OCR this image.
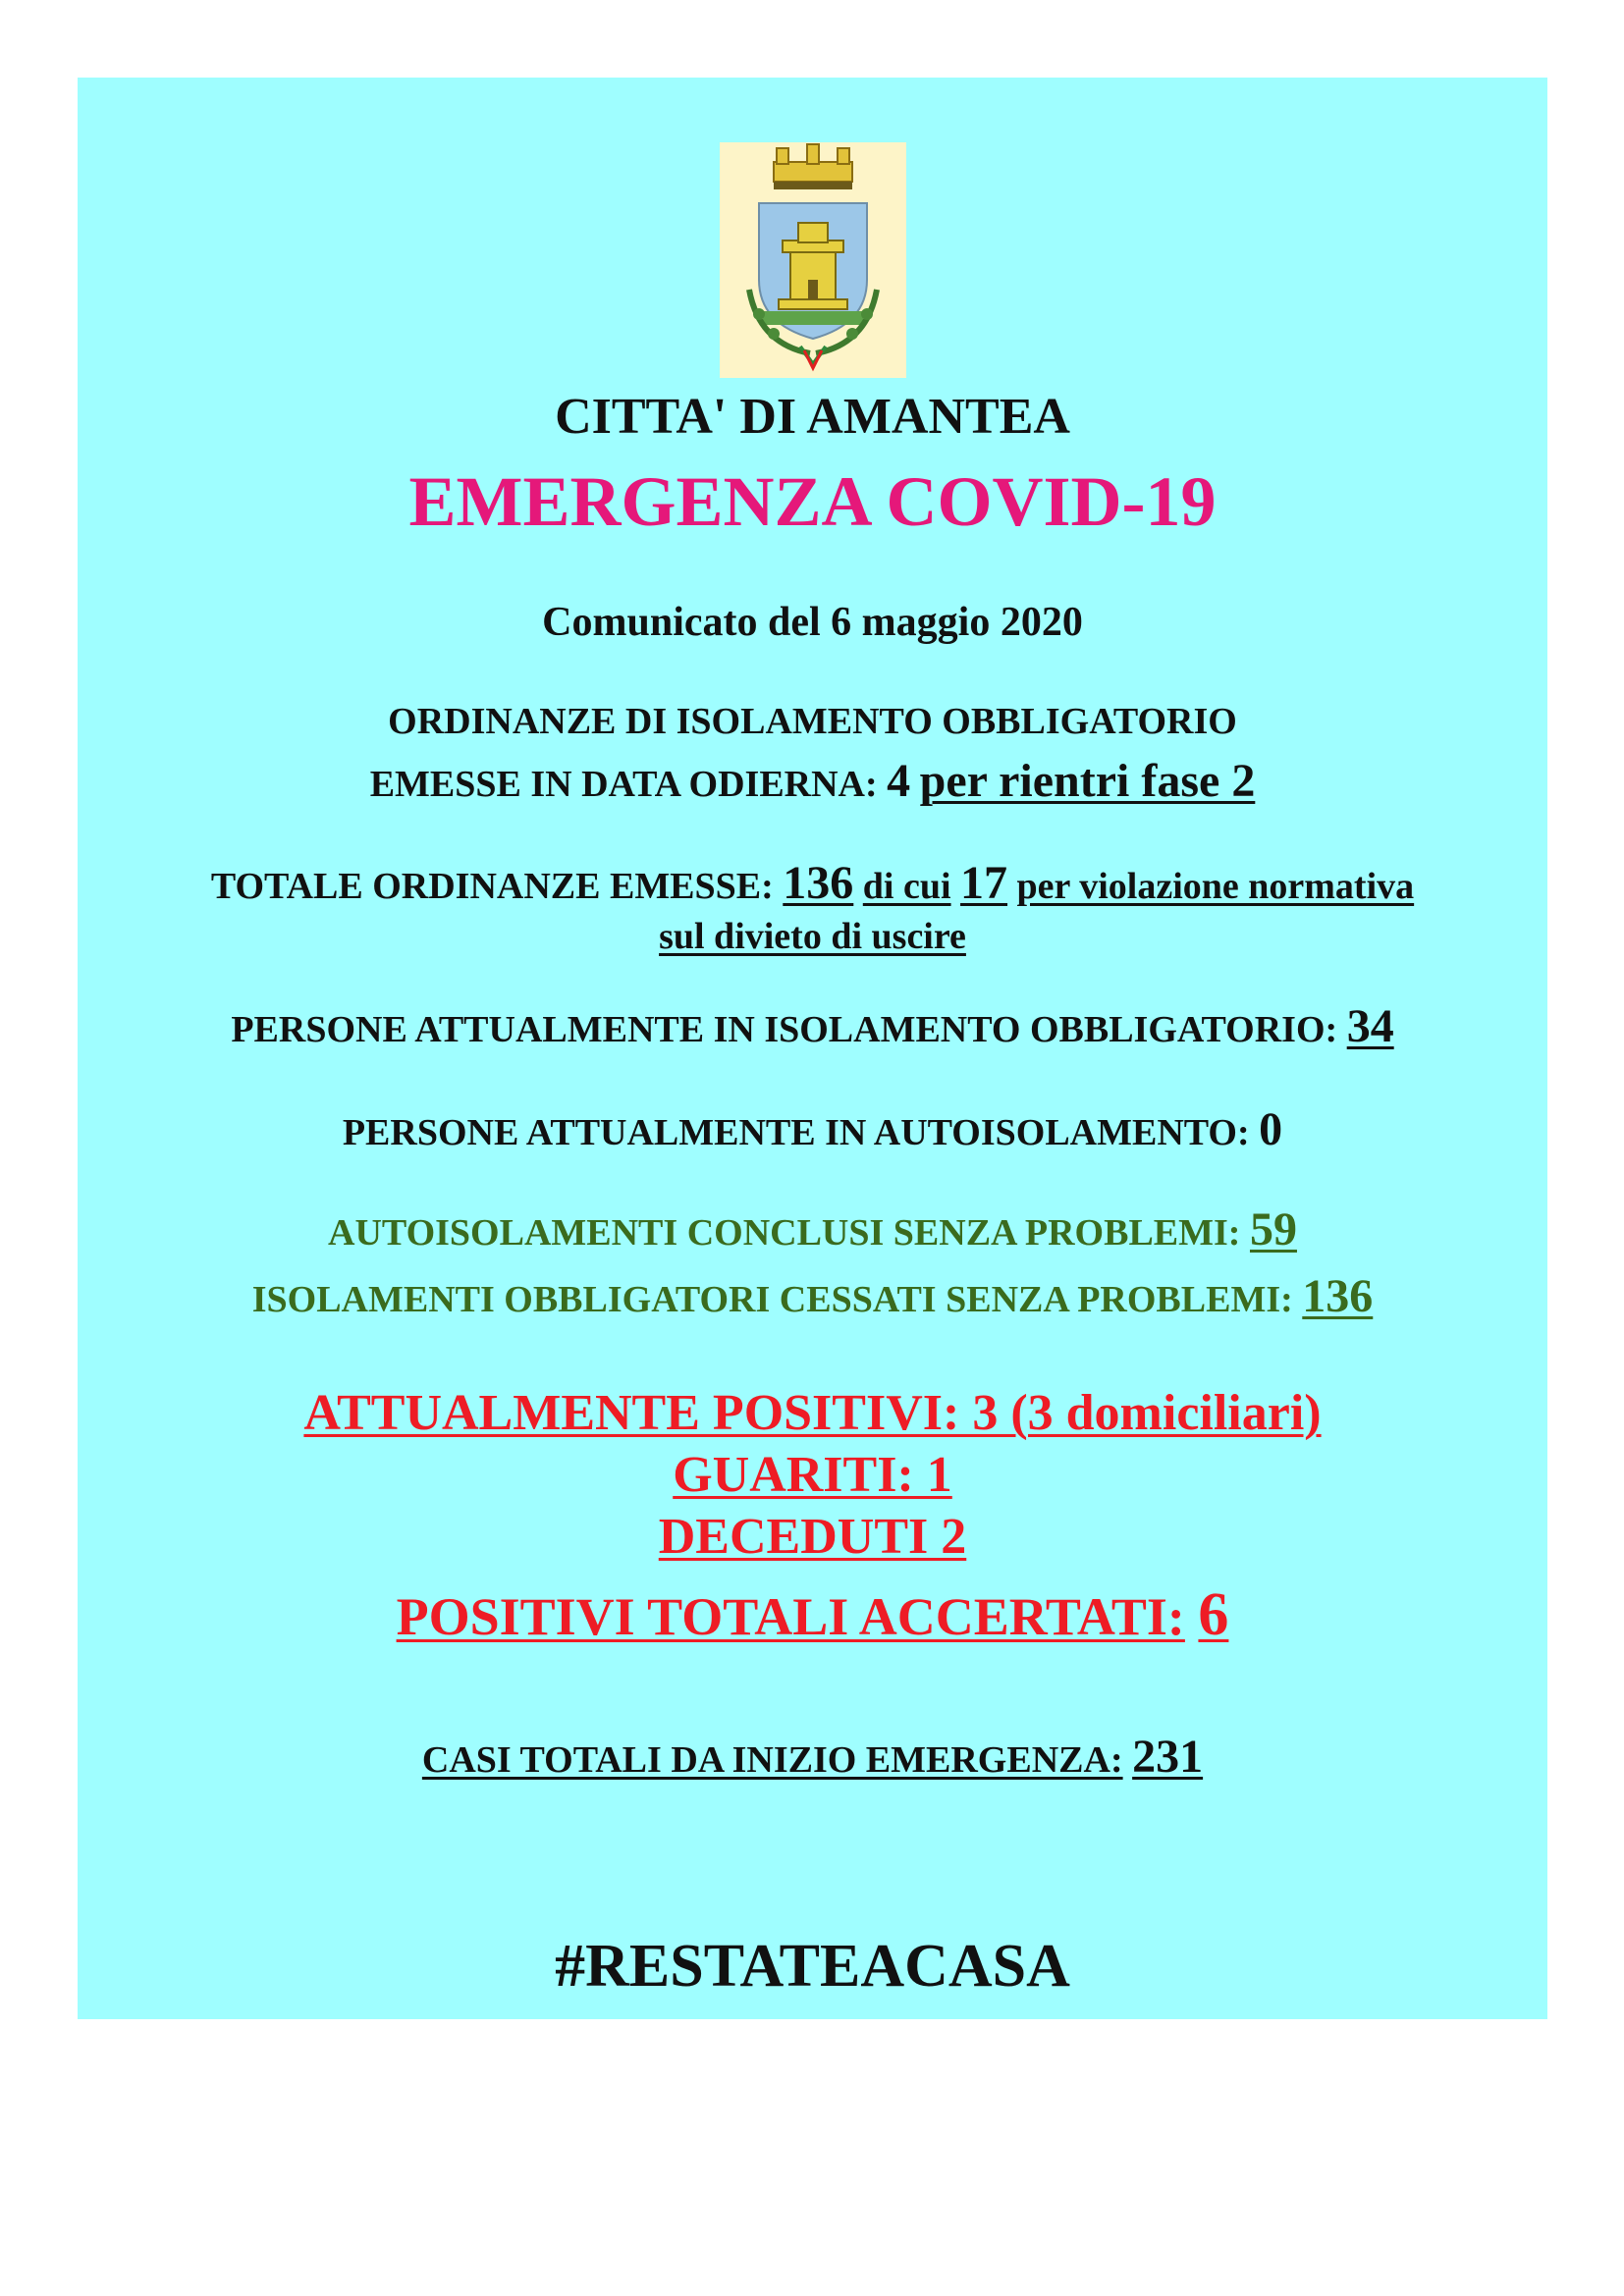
CITTA' DI AMANTEA
EMERGENZA COVID-19
Comunicato del 6 maggio 2020
ORDINANZE DI ISOLAMENTO OBBLIGATORIO
EMESSE IN DATA ODIERNA: 4 per rientri fase 2
TOTALE ORDINANZE EMESSE: 136 di cui 17 per violazione normativa
sul divieto di uscire
PERSONE ATTUALMENTE IN ISOLAMENTO OBBLIGATORIO: 34
PERSONE ATTUALMENTE IN AUTOISOLAMENTO: 0
AUTOISOLAMENTI CONCLUSI SENZA PROBLEMI: 59
ISOLAMENTI OBBLIGATORI CESSATI SENZA PROBLEMI: 136
ATTUALMENTE POSITIVI: 3 (3 domiciliari)
GUARITI: 1
DECEDUTI 2
POSITIVI TOTALI ACCERTATI: 6
CASI TOTALI DA INIZIO EMERGENZA: 231
#RESTATEACASA
